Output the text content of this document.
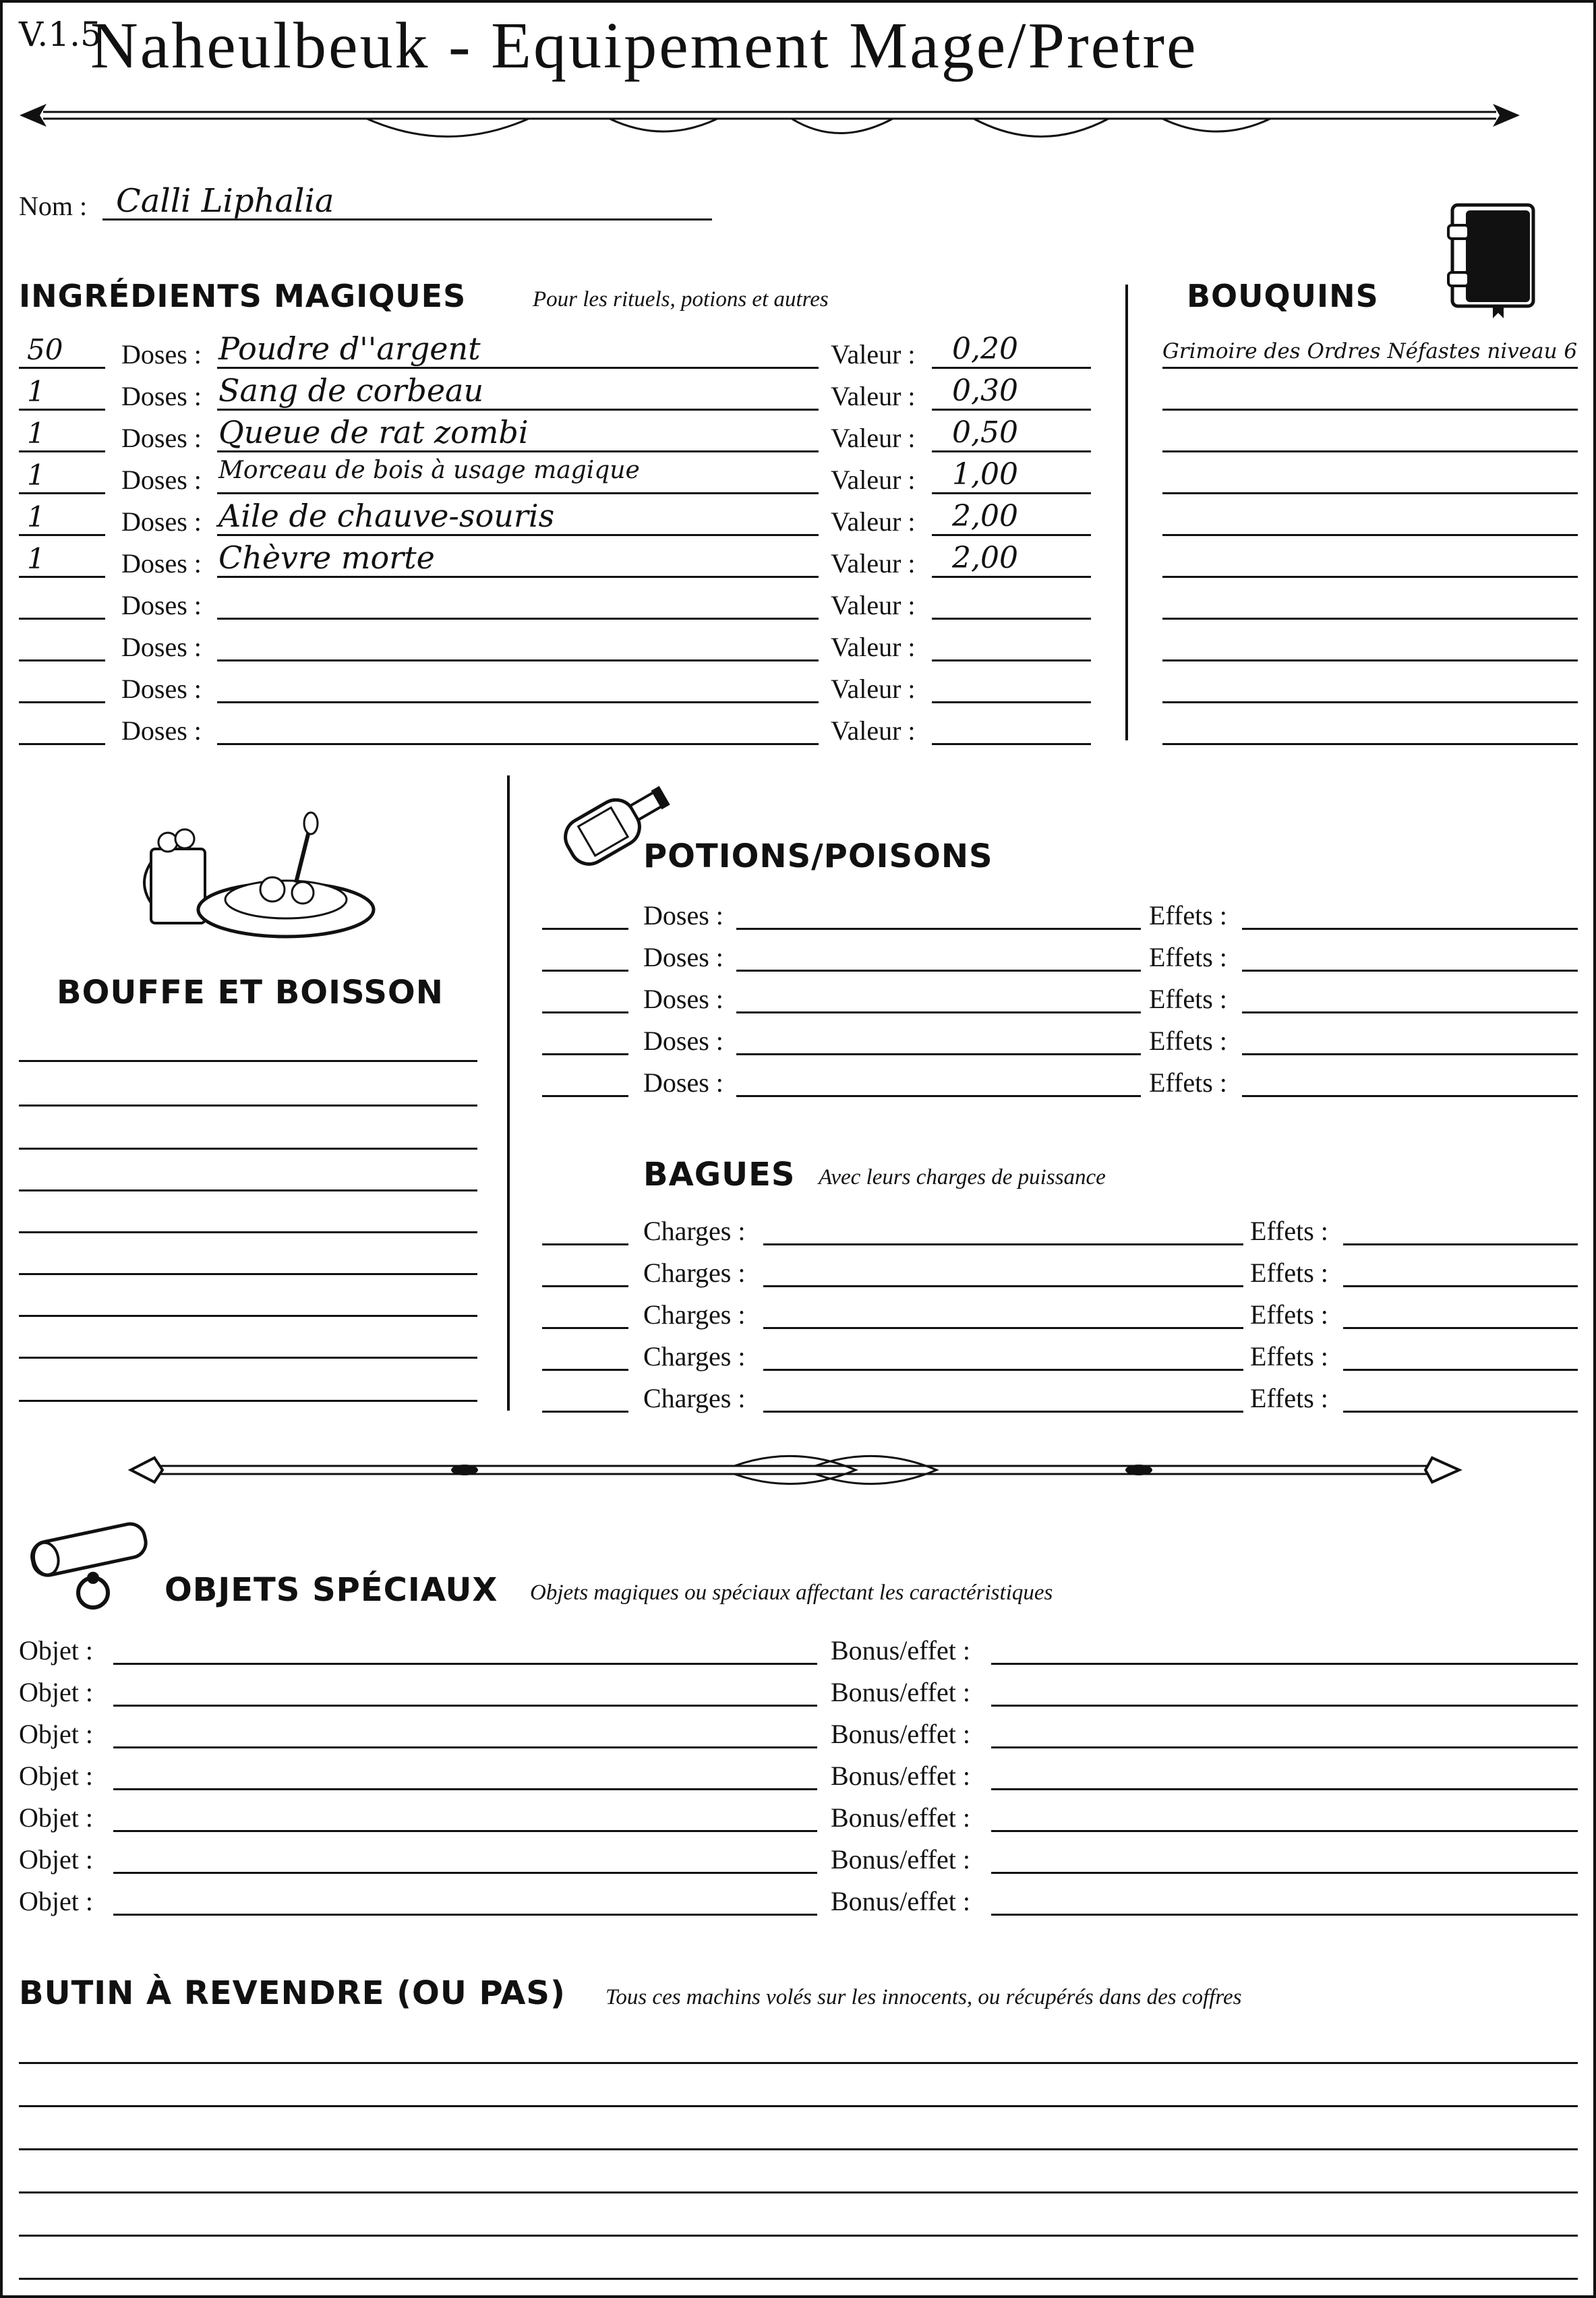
V.1.5
Naheulbeuk - Equipement Mage/Pretre
Nom : Calli Liphalia
INGRÉDIENTS MAGIQUES	Pour les rituels, potions et autres
50 Doses : Poudre d''argent	Valeur : 0,20
1	Doses : Sang de corbeau	Valeur : 0,30
1	Doses : Queue de rat zombi	Valeur : 0,50
1	Doses : Morceau de bois à usage magique	Valeur : 1,00
1	Doses : Aile de chauve-souris	Valeur : 2,00
1	Doses : Chèvre morte	Valeur : 2,00
Doses :	Valeur :
Doses :	Valeur :
Doses :	Valeur :
Doses :	Valeur :
BOUQUINS
Grimoire des Ordres Néfastes niveau 6
BOUFFE ET BOISSON
POTIONS/POISONS
Doses :	Effets :
Doses :	Effets :
Doses :	Effets :
Doses :	Effets :
Doses :	Effets :
BAGUES Avec leurs charges de puissance
Charges :	Effets :
Charges :	Effets :
Charges :	Effets :
Charges :	Effets :
Charges :	Effets :
OBJETS SPÉCIAUX Objets magiques ou spéciaux affectant les caractéristiques
Objet :	Bonus/effet :
Objet :	Bonus/effet :
Objet :	Bonus/effet :
Objet :	Bonus/effet :
Objet :	Bonus/effet :
Objet :	Bonus/effet :
Objet :	Bonus/effet :
BUTIN À REVENDRE (OU PAS) Tous ces machins volés sur les innocents, ou récupérés dans des coffres
